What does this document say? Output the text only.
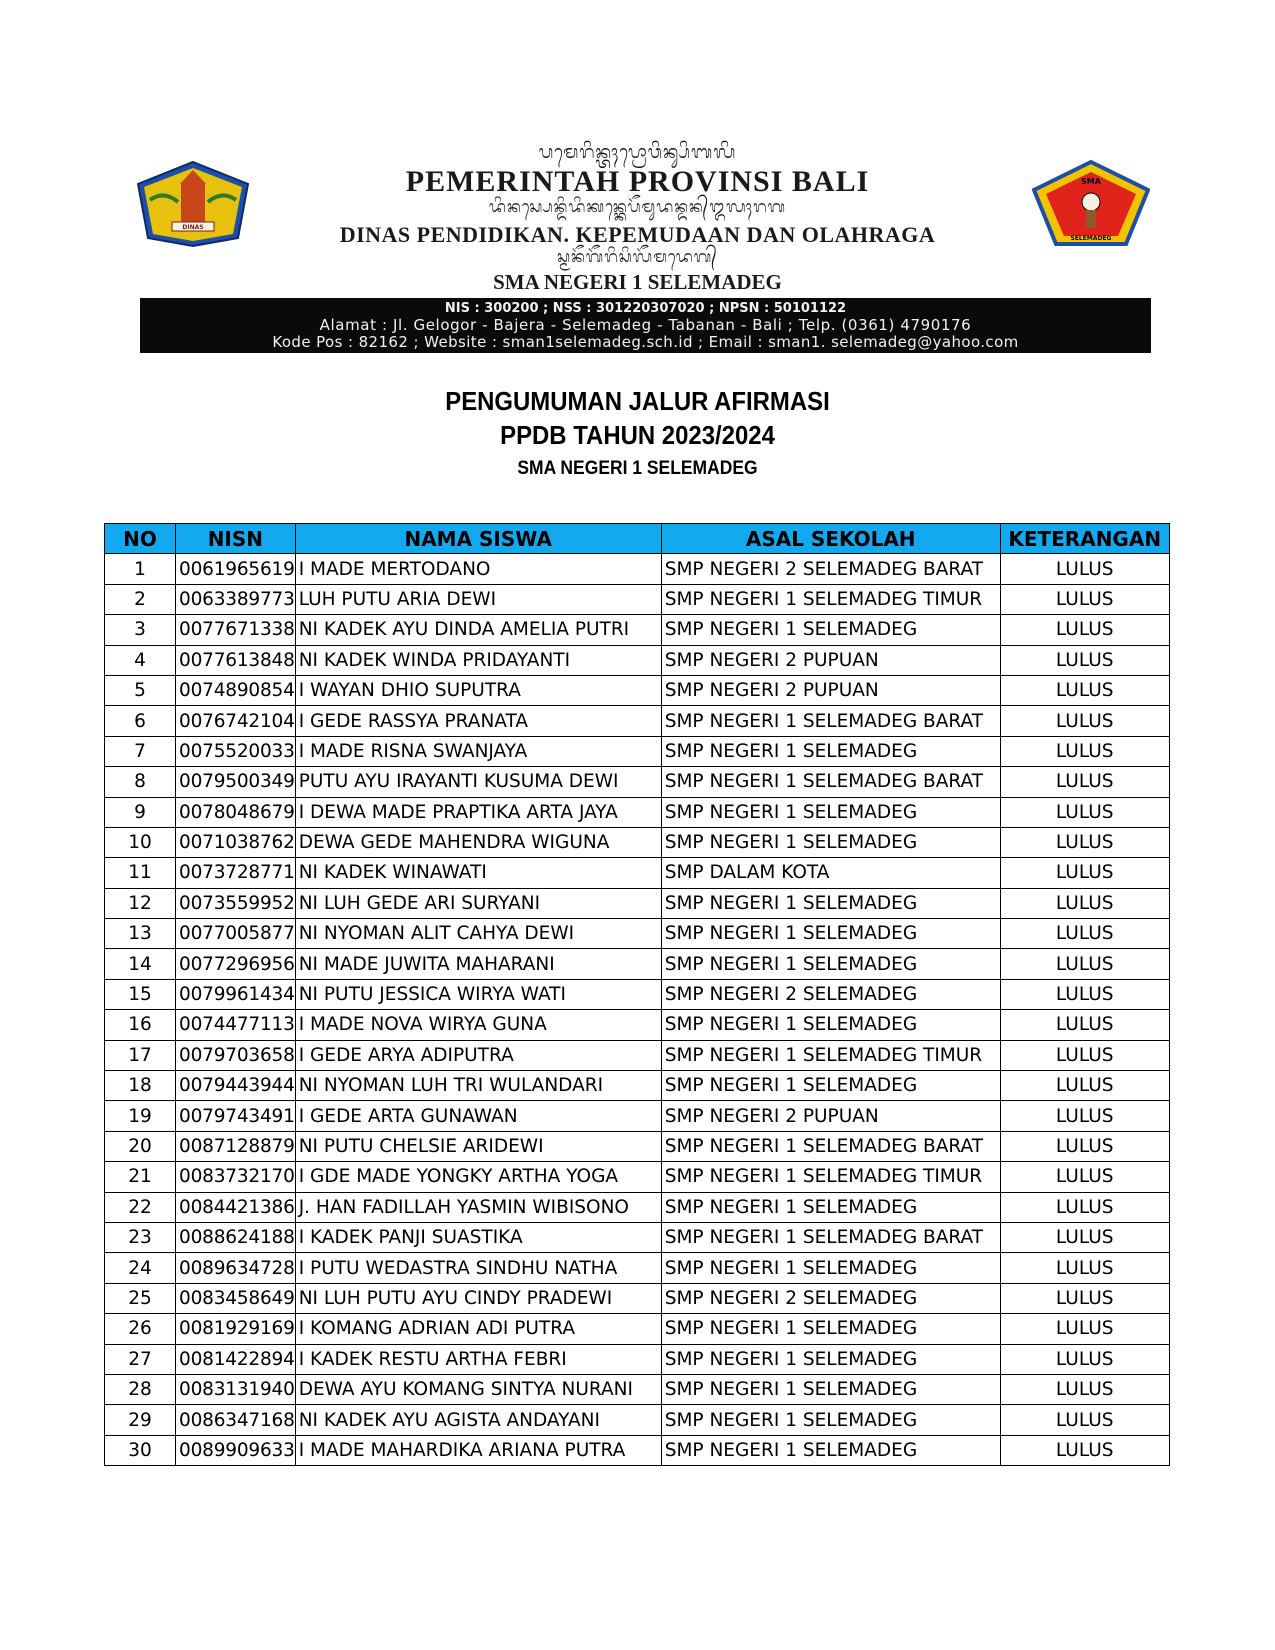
DINAS
ᬧᬫᬾᬭᬶᬦ᭄ᬢᬄᬧ᭄ᬭᭀᬯᬶᬦ᭄ᬲᬶᬩᬮᬶ
PEMERINTAH PROVINSI BALI
ᬤᬶᬦᬲ᭄ᬧᬾᬦ᭄ᬤᬶᬤᬶᬓᬦ᭄ᬓᬾᬧᭂᬫᬸᬤᬦ᭄ᬤᬦ᭄ᬑᬮᬄᬭᬕ
DINAS PENDIDIKAN. KEPEMUDAAN DAN OLAHRAGA
ᬲ᭄ᬫᬦᭂᬕᭂᬭᬶᬲᬶᬮᭂᬫᬤᬾᬕ᭄
SMA NEGERI 1 SELEMADEG
SMA
SELEMADEG
NIS : 300200 ; NSS : 301220307020 ; NPSN : 50101122
Alamat : Jl. Gelogor - Bajera - Selemadeg - Tabanan - Bali ; Telp. (0361) 4790176
Kode Pos : 82162 ; Website : sman1selemadeg.sch.id ; Email : sman1. selemadeg@yahoo.com
PENGUMUMAN JALUR AFIRMASI
PPDB TAHUN 2023/2024
SMA NEGERI 1 SELEMADEG
NO	NISN	NAMA SISWA	ASAL SEKOLAH	KETERANGAN
1	0061965619	I MADE MERTODANO	SMP NEGERI 2 SELEMADEG BARAT	LULUS
2	0063389773	LUH PUTU ARIA DEWI	SMP NEGERI 1 SELEMADEG TIMUR	LULUS
3	0077671338	NI KADEK AYU DINDA AMELIA PUTRI	SMP NEGERI 1 SELEMADEG	LULUS
4	0077613848	NI KADEK WINDA PRIDAYANTI	SMP NEGERI 2 PUPUAN	LULUS
5	0074890854	I WAYAN DHIO SUPUTRA	SMP NEGERI 2 PUPUAN	LULUS
6	0076742104	I GEDE RASSYA PRANATA	SMP NEGERI 1 SELEMADEG BARAT	LULUS
7	0075520033	I MADE RISNA SWANJAYA	SMP NEGERI 1 SELEMADEG	LULUS
8	0079500349	PUTU AYU IRAYANTI KUSUMA DEWI	SMP NEGERI 1 SELEMADEG BARAT	LULUS
9	0078048679	I DEWA MADE PRAPTIKA ARTA JAYA	SMP NEGERI 1 SELEMADEG	LULUS
10	0071038762	DEWA GEDE MAHENDRA WIGUNA	SMP NEGERI 1 SELEMADEG	LULUS
11	0073728771	NI KADEK WINAWATI	SMP DALAM KOTA	LULUS
12	0073559952	NI LUH GEDE ARI SURYANI	SMP NEGERI 1 SELEMADEG	LULUS
13	0077005877	NI NYOMAN ALIT CAHYA DEWI	SMP NEGERI 1 SELEMADEG	LULUS
14	0077296956	NI MADE JUWITA MAHARANI	SMP NEGERI 1 SELEMADEG	LULUS
15	0079961434	NI PUTU JESSICA WIRYA WATI	SMP NEGERI 2 SELEMADEG	LULUS
16	0074477113	I MADE NOVA WIRYA GUNA	SMP NEGERI 1 SELEMADEG	LULUS
17	0079703658	I GEDE ARYA ADIPUTRA	SMP NEGERI 1 SELEMADEG TIMUR	LULUS
18	0079443944	NI NYOMAN LUH TRI WULANDARI	SMP NEGERI 1 SELEMADEG	LULUS
19	0079743491	I GEDE ARTA GUNAWAN	SMP NEGERI 2 PUPUAN	LULUS
20	0087128879	NI PUTU CHELSIE ARIDEWI	SMP NEGERI 1 SELEMADEG BARAT	LULUS
21	0083732170	I GDE MADE YONGKY ARTHA YOGA	SMP NEGERI 1 SELEMADEG TIMUR	LULUS
22	0084421386	J. HAN FADILLAH YASMIN WIBISONO	SMP NEGERI 1 SELEMADEG	LULUS
23	0088624188	I KADEK PANJI SUASTIKA	SMP NEGERI 1 SELEMADEG BARAT	LULUS
24	0089634728	I PUTU WEDASTRA SINDHU NATHA	SMP NEGERI 1 SELEMADEG	LULUS
25	0083458649	NI LUH PUTU AYU CINDY PRADEWI	SMP NEGERI 2 SELEMADEG	LULUS
26	0081929169	I KOMANG ADRIAN ADI PUTRA	SMP NEGERI 1 SELEMADEG	LULUS
27	0081422894	I KADEK RESTU ARTHA FEBRI	SMP NEGERI 1 SELEMADEG	LULUS
28	0083131940	DEWA AYU KOMANG SINTYA NURANI	SMP NEGERI 1 SELEMADEG	LULUS
29	0086347168	NI KADEK AYU AGISTA ANDAYANI	SMP NEGERI 1 SELEMADEG	LULUS
30	0089909633	I MADE MAHARDIKA ARIANA PUTRA	SMP NEGERI 1 SELEMADEG	LULUS
